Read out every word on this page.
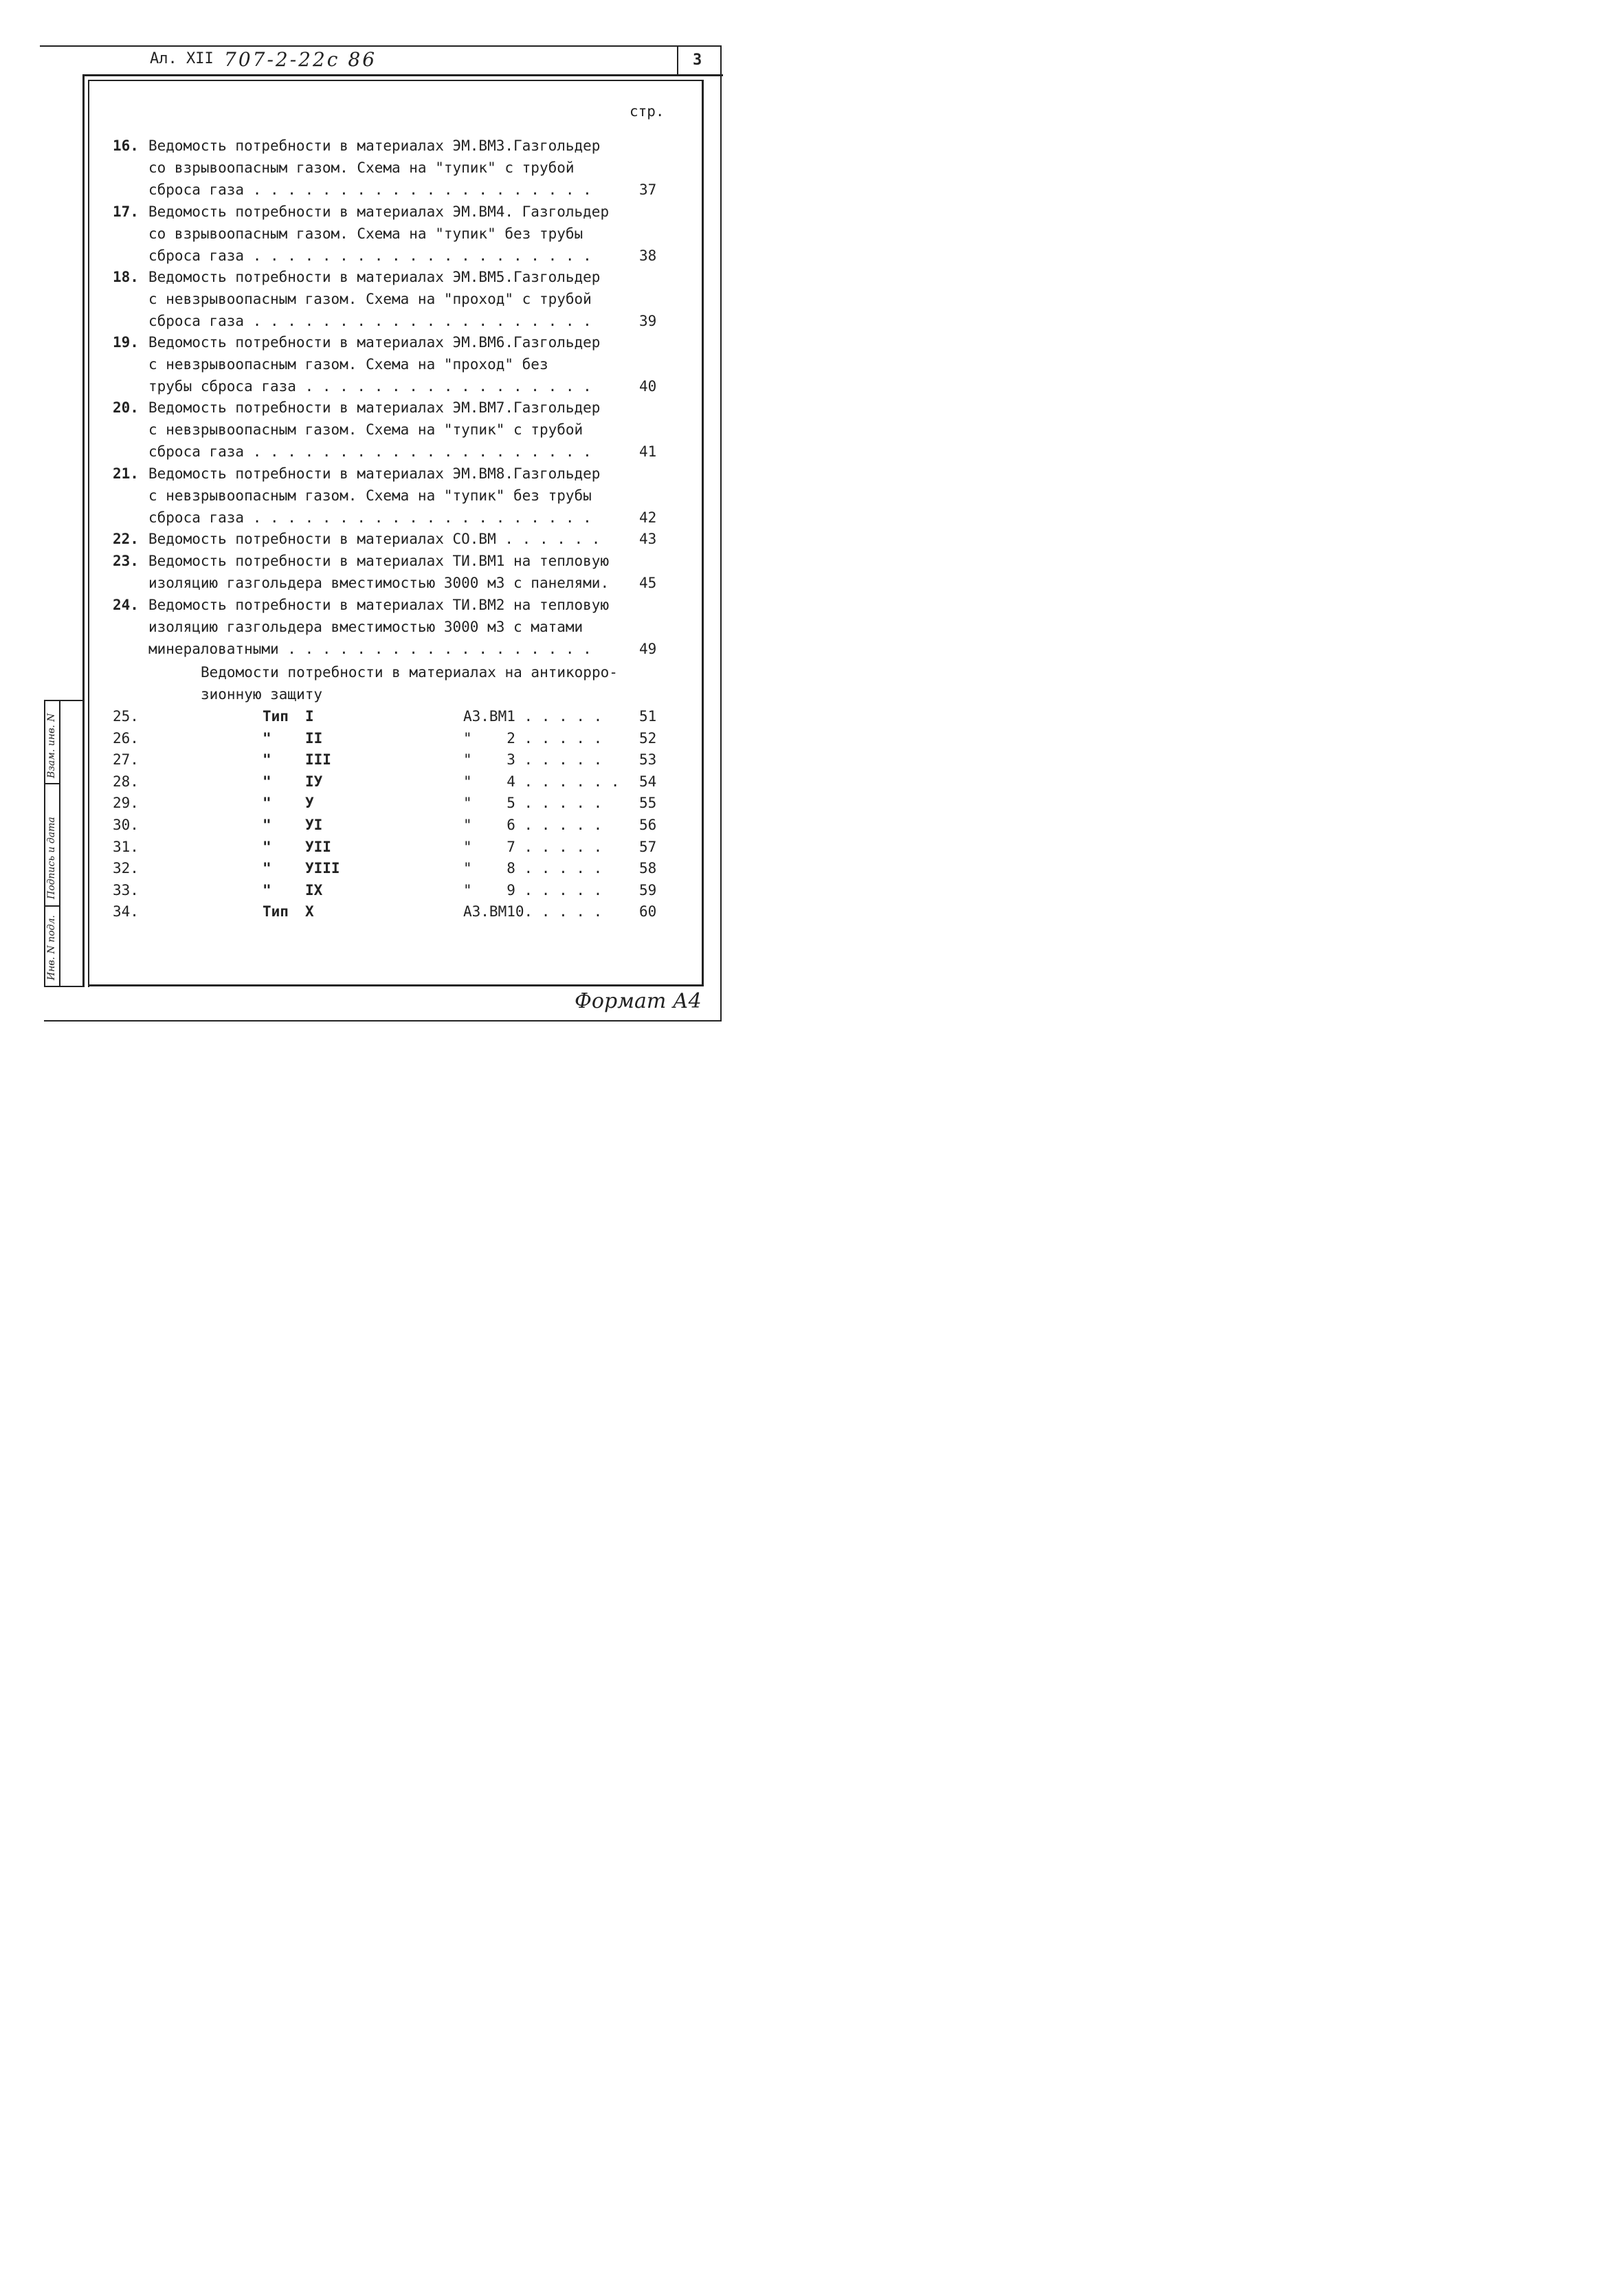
Инв. N подл.
Подпись и дата
Взам. инв. N
Ал. XII 707-2-22с 86	3
стр.
16. Ведомость потребности в материалах ЭМ.ВМ3.Газгольдер
со взрывоопасным газом. Схема на "тупик" с трубой
сброса газа . . . . . . . . . . . . . . . . . . . .	37
17. Ведомость потребности в материалах ЭМ.ВМ4. Газгольдер
со взрывоопасным газом. Схема на "тупик" без трубы
сброса газа . . . . . . . . . . . . . . . . . . . .	38
18. Ведомость потребности в материалах ЭМ.ВМ5.Газгольдер
с невзрывоопасным газом. Схема на "проход" с трубой
сброса газа . . . . . . . . . . . . . . . . . . . .	39
19. Ведомость потребности в материалах ЭМ.ВМ6.Газгольдер
с невзрывоопасным газом. Схема на "проход" без
трубы сброса газа . . . . . . . . . . . . . . . . .	40
20. Ведомость потребности в материалах ЭМ.ВМ7.Газгольдер
с невзрывоопасным газом. Схема на "тупик" с трубой
сброса газа . . . . . . . . . . . . . . . . . . . .	41
21. Ведомость потребности в материалах ЭМ.ВМ8.Газгольдер
с невзрывоопасным газом. Схема на "тупик" без трубы
сброса газа . . . . . . . . . . . . . . . . . . . .	42
22. Ведомость потребности в материалах СО.ВМ . . . . . .	43
23. Ведомость потребности в материалах ТИ.ВМ1 на тепловую
изоляцию газгольдера вместимостью 3000 м3 с панелями. 45
24. Ведомость потребности в материалах ТИ.ВМ2 на тепловую
изоляцию газгольдера вместимостью 3000 м3 с матами
минераловатными . . . . . . . . . . . . . . . . . .	49
Ведомости потребности в материалах на антикорро-
зионную защиту
25.	Тип I	АЗ.ВМ1 . . . . .	51
26.	" II	"    2 . . . . .	52
27.	" III	"    3 . . . . .	53
28.	" IУ	"    4 . . . . . . 54
29.	" У	"    5 . . . . .	55
30.	" УI	"    6 . . . . .	56
31.	" УII	"    7 . . . . .	57
32.	" УIII	"    8 . . . . .	58
33.	" IX	"    9 . . . . .	59
34.	Тип X	АЗ.ВМ10. . . . .	60
Формат А4
